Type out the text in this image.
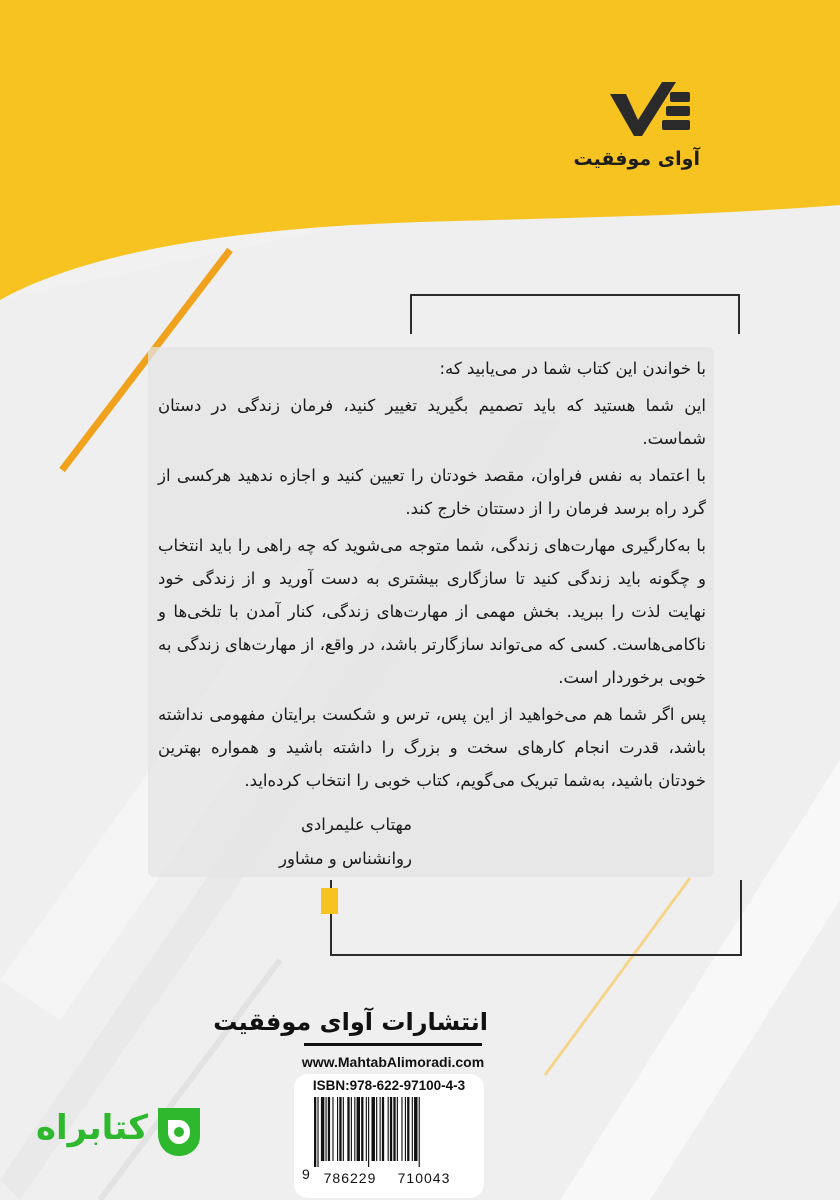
آوای موفقیت

با خواندن این کتاب شما در می‌یابید که:

این شما هستید که باید تصمیم بگیرید تغییر کنید، فرمان زندگی در دستان شماست.

با اعتماد به نفس فراوان، مقصد خودتان را تعیین کنید و اجازه ندهید هرکسی از گرد راه برسد فرمان را از دستتان خارج کند.

با به‌کارگیری مهارت‌های زندگی، شما متوجه می‌شوید که چه راهی را باید انتخاب و چگونه باید زندگی کنید تا سازگاری بیشتری به دست آورید و از زندگی خود نهایت لذت را ببرید. بخش مهمی از مهارت‌های زندگی، کنار آمدن با تلخی‌ها و ناکامی‌هاست. کسی که می‌تواند سازگارتر باشد، در واقع، از مهارت‌های زندگی به خوبی برخوردار است.

پس اگر شما هم می‌خواهید از این پس، ترس و شکست برایتان مفهومی نداشته باشد، قدرت انجام کارهای سخت و بزرگ را داشته باشید و همواره بهترین خودتان باشید، به‌شما تبریک می‌گویم، کتاب خوبی را انتخاب کرده‌اید.

مهتاب علیمرادی
روانشناس و مشاور
انتشارات آوای موفقیت
www.MahtabAlimoradi.com
ISBN:978-622-97100-4-3
9 786229	710043
کتابراه
